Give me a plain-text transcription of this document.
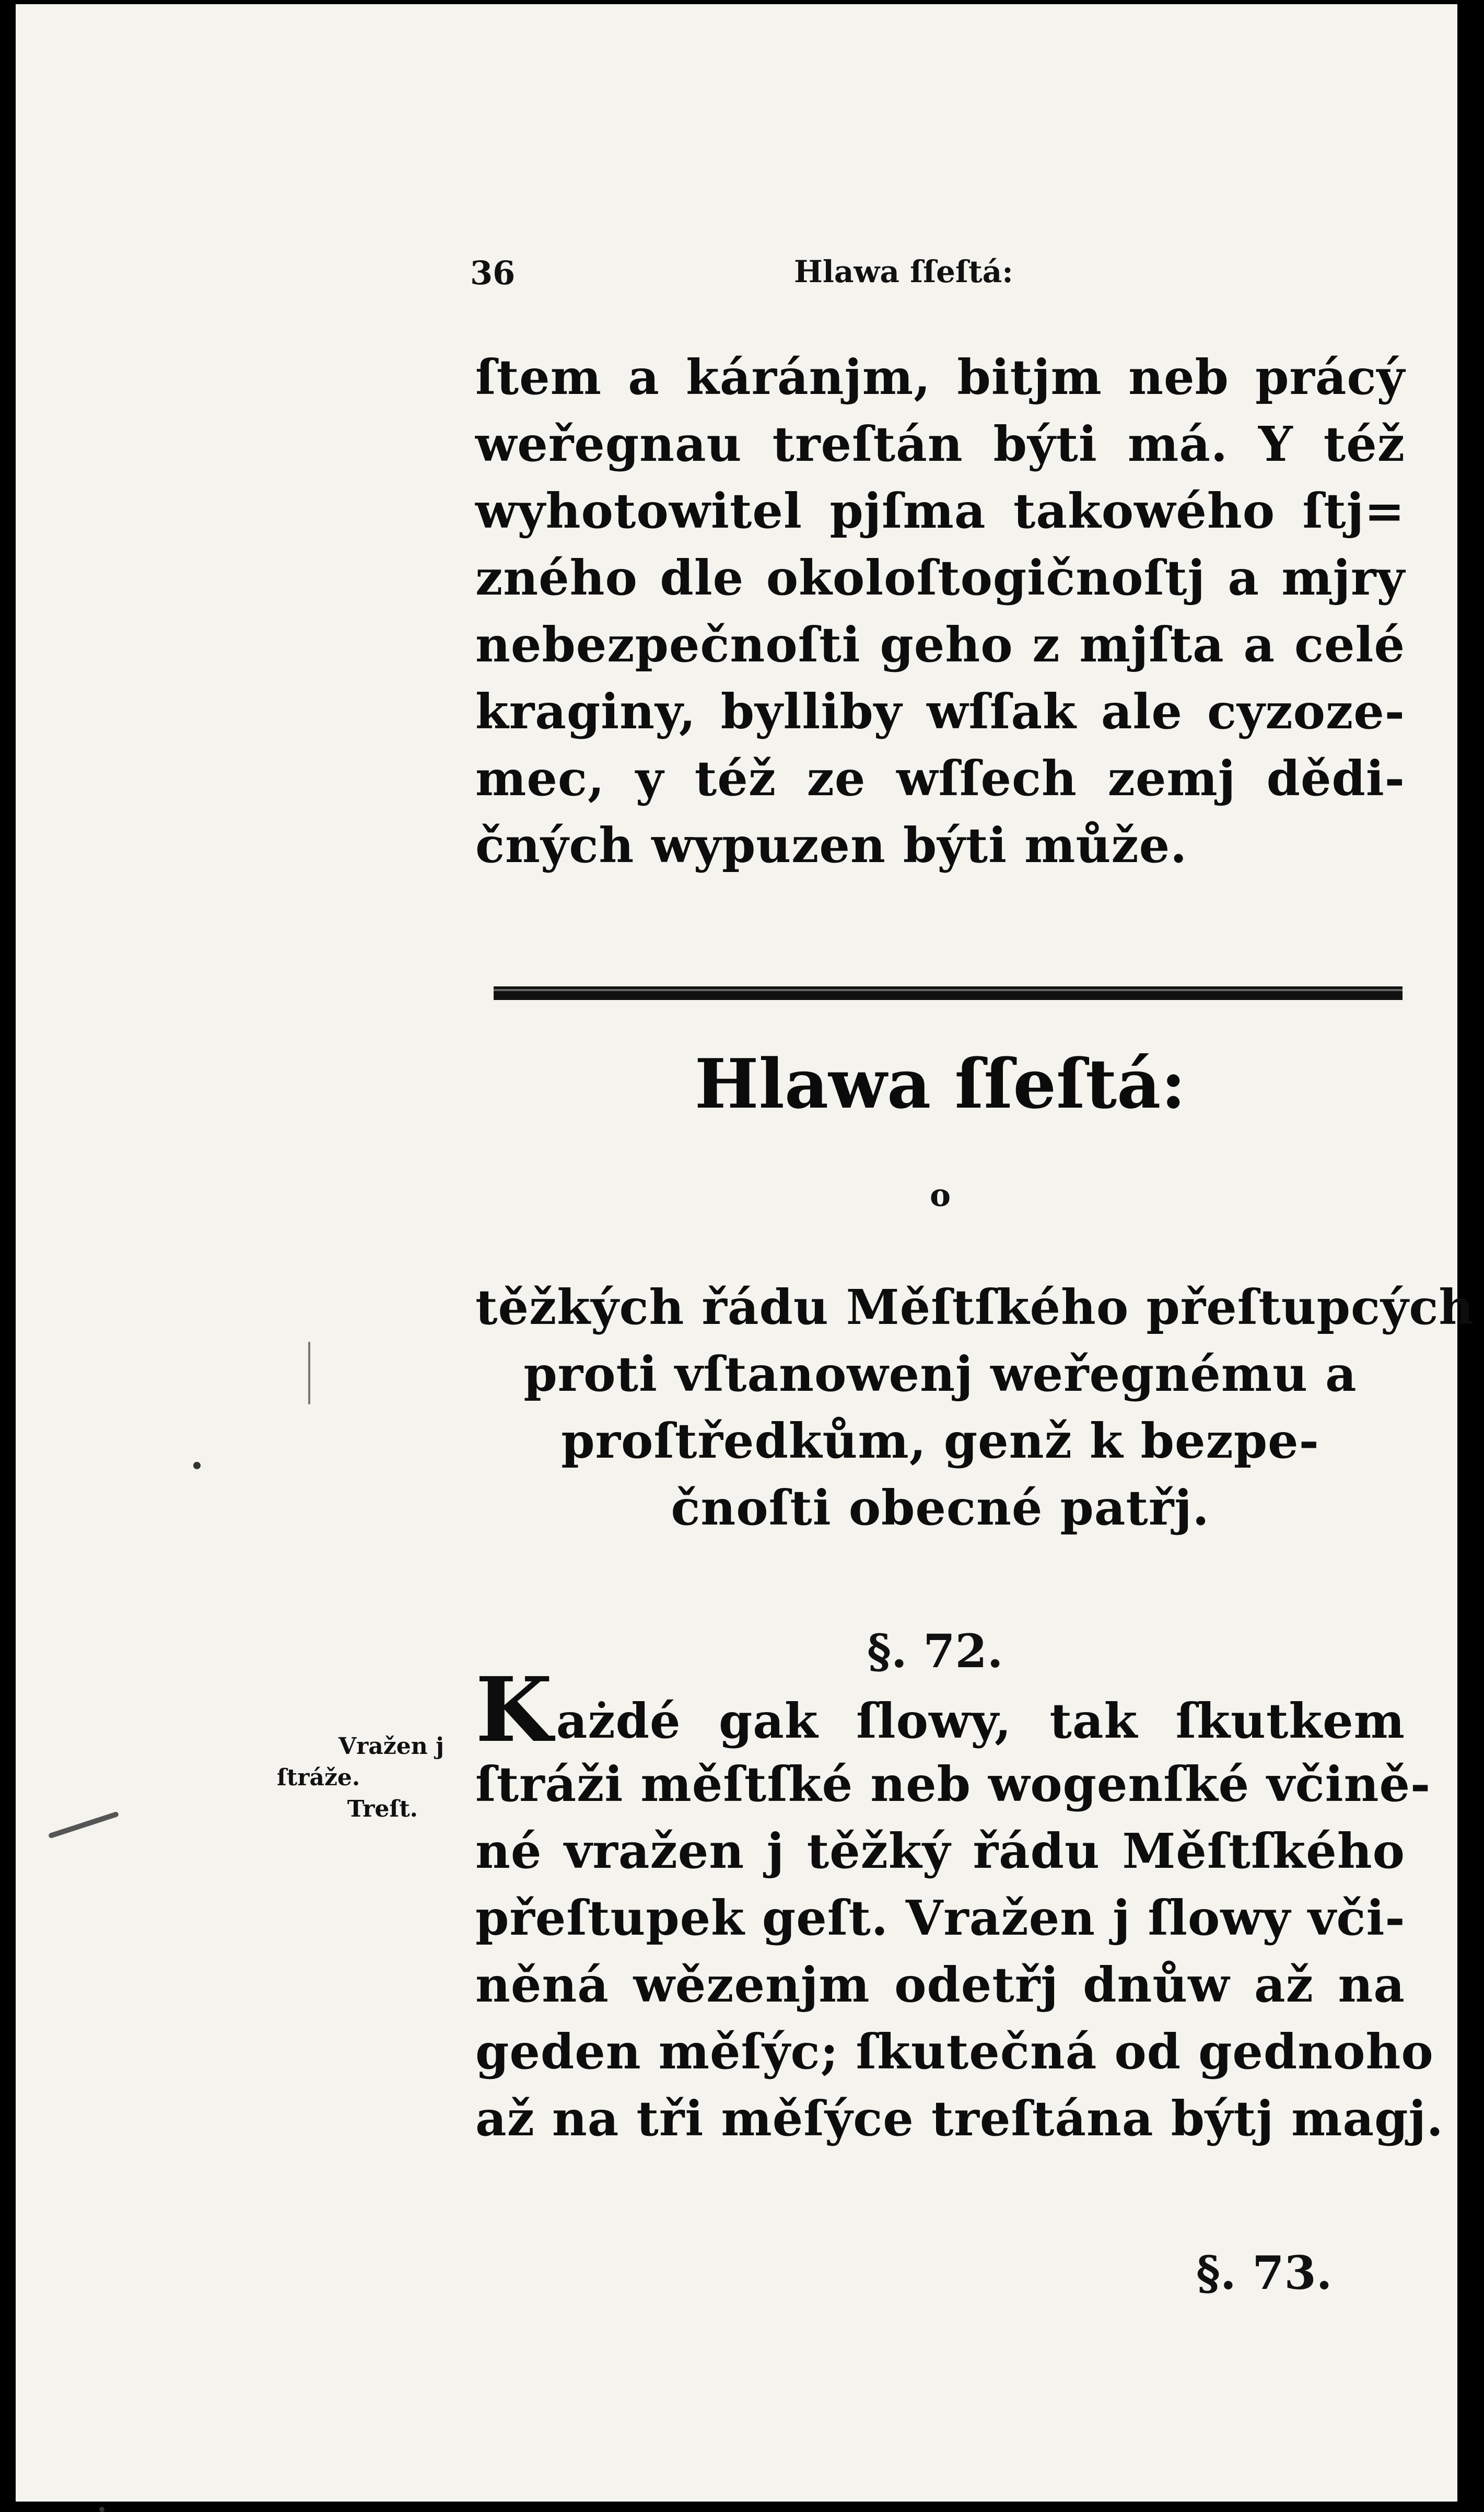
36	Hlawa ſſeſtá:
ſtem a káránjm, bitjm neb prácý
weřegnau treſtán býti má. Y též
wyhotowitel pjſma takowého ſtj=
zného dle okoloſtogičnoſtj a mjry
nebezpečnoſti geho z mjſta a celé
kraginy, bylliby wſſak ale cyzoze-
mec, y též ze wſſech zemj dědi-
čných wypuzen býti může.
Hlawa ſſeſtá:
o
těžkých řádu Měſtſkého přeſtupcých
proti vſtanowenj weřegnému a
proſtředkům, genž k bezpe-
čnoſti obecné patřj.
§. 72.
Vražen j
ſtráže.
Treſt.
Każdé gak ſlowy, tak ſkutkem
ſtráži měſtſké neb wogenſké včině-
né vražen j těžký řádu Měſtſkého
přeſtupek geſt. Vražen j ſlowy vči-
něná wězenjm odetřj dnůw až na
geden měſýc; ſkutečná od gednoho
až na tři měſýce treſtána býtj magj.
§. 73.
